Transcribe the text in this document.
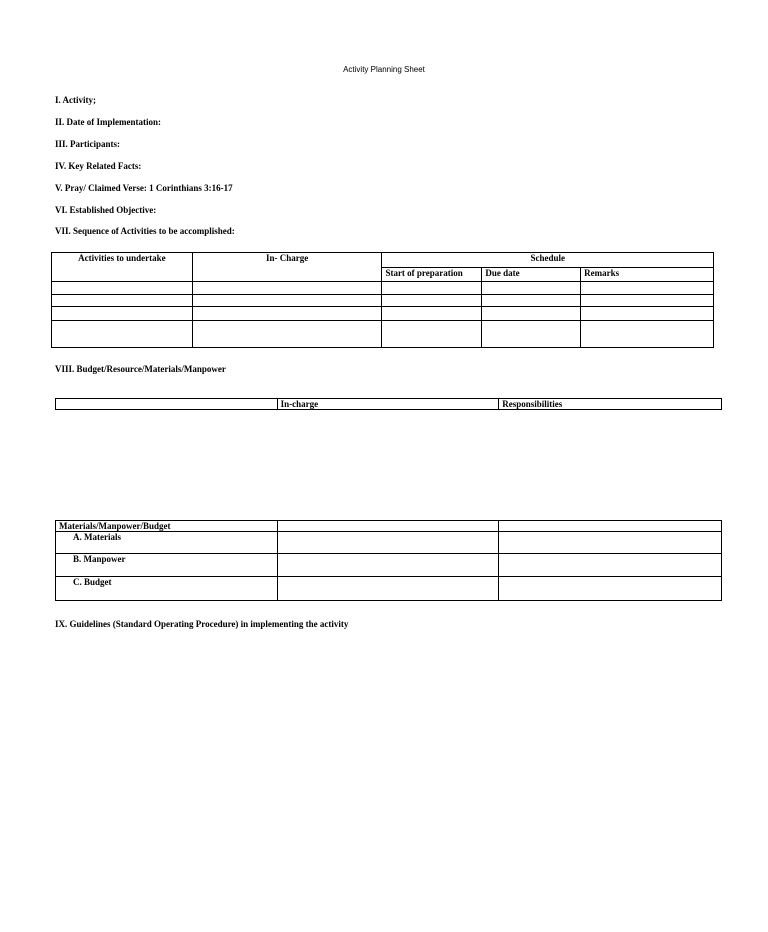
Activity Planning Sheet
I. Activity;
II. Date of Implementation:
III. Participants:
IV. Key Related Facts:
V. Pray/ Claimed Verse: 1 Corinthians 3:16-17
VI. Established Objective:
VII. Sequence of Activities to be accomplished:
Activities to undertake	In- Charge	Schedule		
		Start of preparation	Due date	Remarks

VIII. Budget/Resource/Materials/Manpower
	In-charge	Responsibilities
Materials/Manpower/Budget		
A. Materials		
B. Manpower		
C. Budget		
IX. Guidelines (Standard Operating Procedure) in implementing the activity
